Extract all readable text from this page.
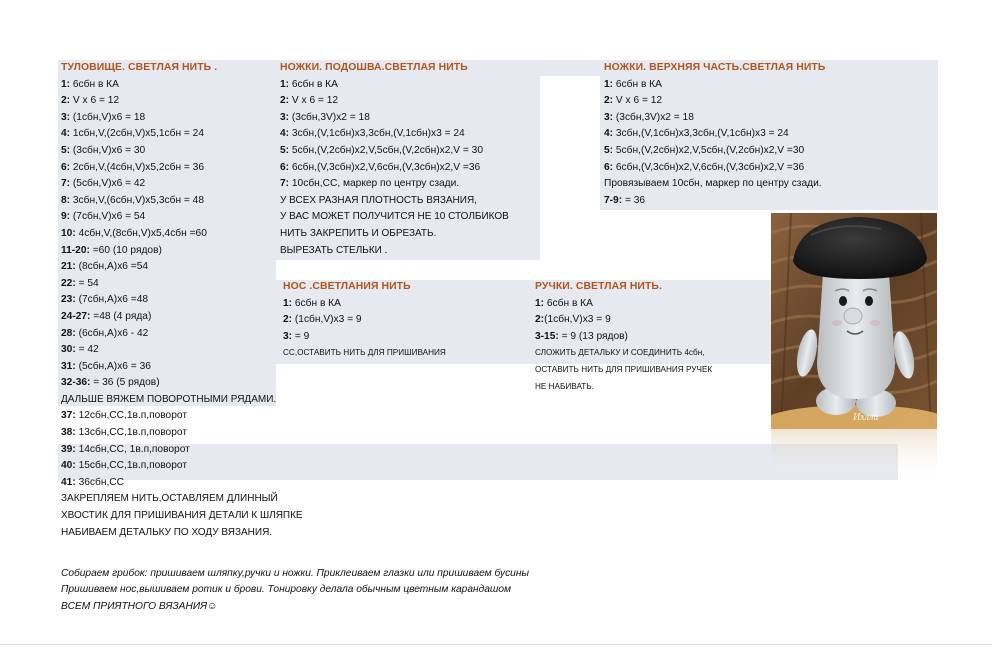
ТУЛОВИЩЕ. СВЕТЛАЯ НИТЬ .
1: 6сбн в КА
2: V x 6 = 12
3: (1сбн,V)x6 = 18
4: 1сбн,V,(2сбн,V)x5,1сбн = 24
5: (3сбн,V)x6 = 30
6: 2сбн,V,(4сбн,V)x5,2сбн = 36
7: (5сбн,V)x6 = 42
8: 3сбн,V,(6сбн,V)x5,3сбн = 48
9: (7сбн,V)x6 = 54
10: 4сбн,V,(8сбн,V)x5,4сбн =60
11-20: =60 (10 рядов)
21: (8сбн,A)x6 =54
22: = 54
23: (7сбн,A)x6 =48
24-27: =48 (4 ряда)
28: (6сбн,A)x6 - 42
30: = 42
31: (5сбн,A)x6 = 36
32-36: = 36 (5 рядов)
ДАЛЬШЕ ВЯЖЕМ ПОВОРОТНЫМИ РЯДАМИ.
37: 12сбн,СС,1в.п,поворот
38: 13сбн,СС,1в.п,поворот
39: 14сбн,СС, 1в.п,поворот
40: 15сбн,СС,1в.п,поворот
41: 36сбн,СС
ЗАКРЕПЛЯЕМ НИТЬ,ОСТАВЛЯЕМ ДЛИННЫЙ
ХВОСТИК ДЛЯ ПРИШИВАНИЯ ДЕТАЛИ К ШЛЯПКЕ
НАБИВАЕМ ДЕТАЛЬКУ ПО ХОДУ ВЯЗАНИЯ.
НОЖКИ. ПОДОШВА.СВЕТЛАЯ НИТЬ
1: 6сбн в КА
2: V x 6 = 12
3: (3сбн,3V)x2 = 18
4: 3сбн,(V,1сбн)x3,3сбн,(V,1сбн)x3 = 24
5: 5сбн,(V,2сбн)x2,V,5сбн,(V,2сбн)x2,V = 30
6: 6сбн,(V,3сбн)x2,V,6сбн,(V,3сбн)x2,V =36
7: 10сбн,СС, маркер по центру сзади.
У ВСЕХ РАЗНАЯ ПЛОТНОСТЬ ВЯЗАНИЯ,
У ВАС МОЖЕТ ПОЛУЧИТСЯ НЕ 10 СТОЛБИКОВ
НИТЬ ЗАКРЕПИТЬ И ОБРЕЗАТЬ.
ВЫРЕЗАТЬ СТЕЛЬКИ .
НОЖКИ. ВЕРХНЯЯ ЧАСТЬ.СВЕТЛАЯ НИТЬ
1: 6сбн в КА
2: V x 6 = 12
3: (3сбн,3V)x2 = 18
4: 3сбн,(V,1сбн)x3,3сбн,(V,1сбн)x3 = 24
5: 5сбн,(V,2сбн)x2,V,5сбн,(V,2сбн)x2,V =30
6: 6сбн,(V,3сбн)x2,V,6сбн,(V,3сбн)x2,V =36
Провязываем 10сбн, маркер по центру сзади.
7-9: = 36
НОС .СВЕТЛАНИЯ НИТЬ
1: 6сбн в КА
2: (1сбн,V)x3 = 9
3: = 9
СС,ОСТАВИТЬ НИТЬ ДЛЯ ПРИШИВАНИЯ
РУЧКИ. СВЕТЛАЯ НИТЬ.
1: 6сбн в КА
2:(1сбн,V)x3 = 9
3-15: = 9 (13 рядов)
СЛОЖИТЬ ДЕТАЛЬКУ И СОЕДИНИТЬ 4сбн,
ОСТАВИТЬ НИТЬ ДЛЯ ПРИШИВАНИЯ РУЧЕК
НЕ НАБИВАТЬ.
Собираем грибок: пришиваем шляпку,ручки и ножки. Приклеиваем глазки или пришиваем бусины
Пришиваем нос,вышиваем ротик и брови. Тонировку делала обычным цветным карандашом
ВСЕМ ПРИЯТНОГО ВЯЗАНИЯ☺
Ихлли
